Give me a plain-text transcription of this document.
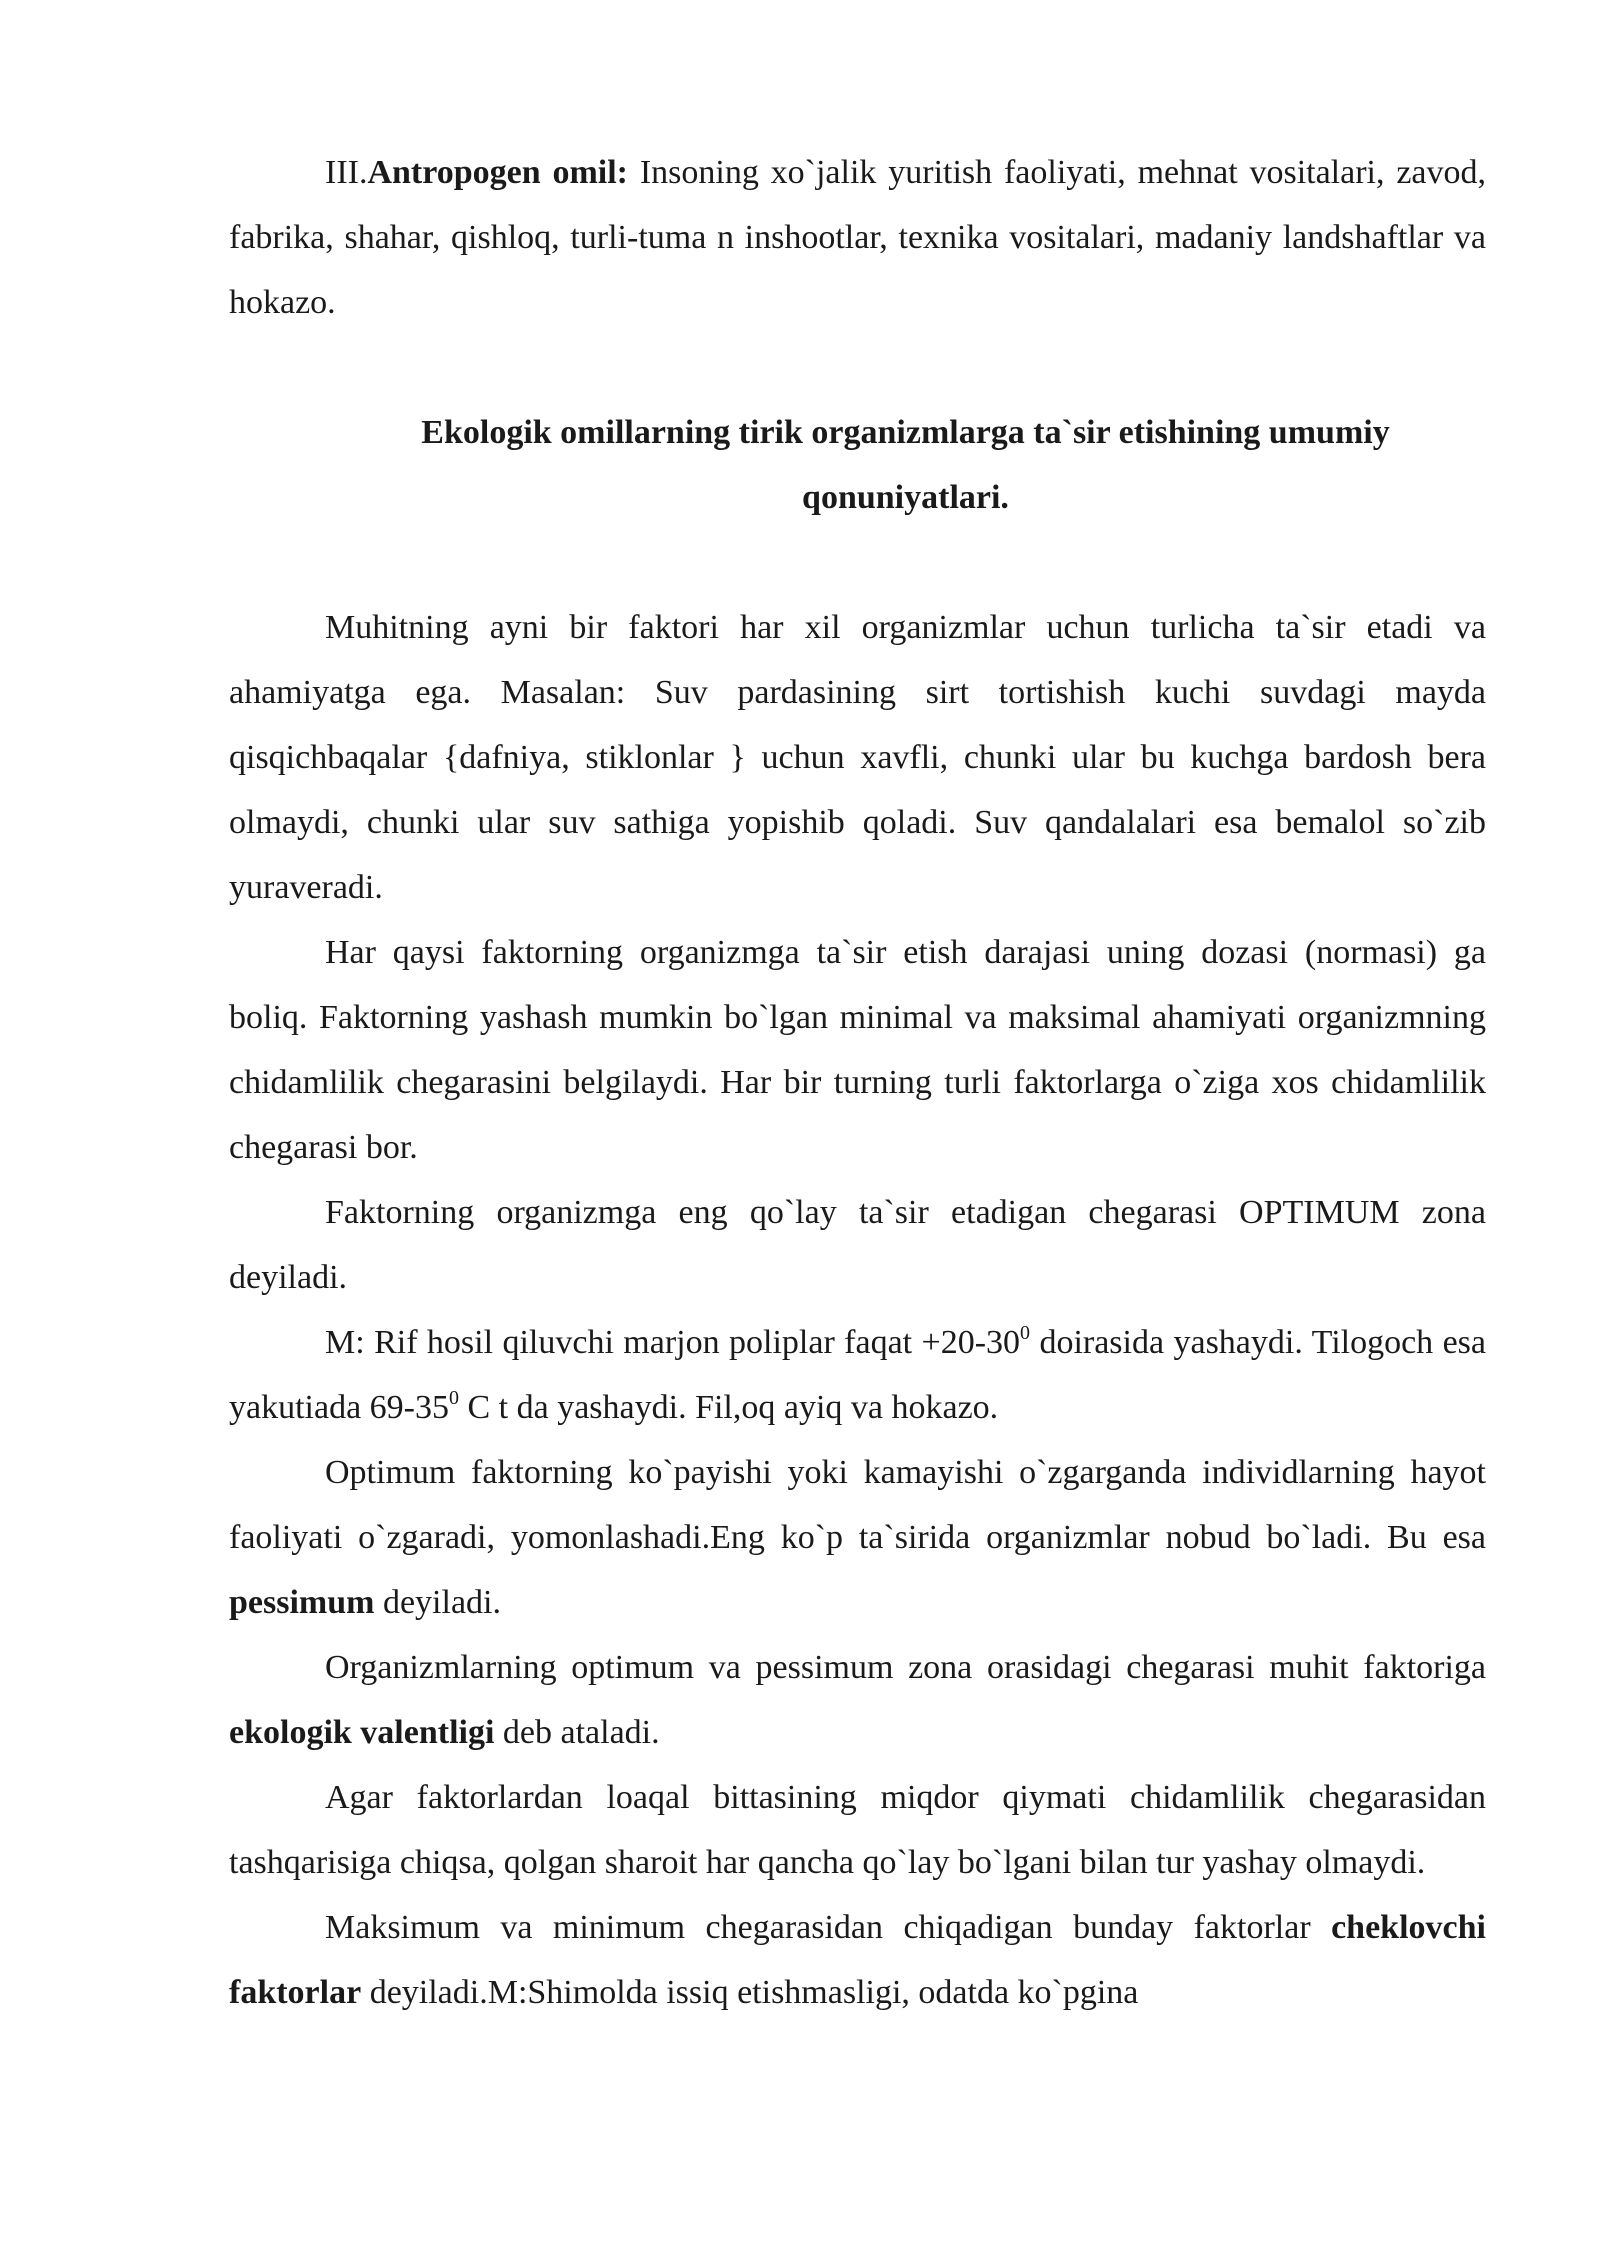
III.Antropogen omil: Insoning xo`jalik yuritish faoliyati, mehnat vositalari, zavod, fabrika, shahar, qishloq, turli-tuma n inshootlar, texnika vositalari, madaniy landshaftlar va hokazo.

Ekologik omillarning tirik organizmlarga ta`sir etishining umumiy
qonuniyatlari.

Muhitning ayni bir faktori har xil organizmlar uchun turlicha ta`sir etadi va ahamiyatga ega. Masalan: Suv pardasining sirt tortishish kuchi suvdagi mayda qisqichbaqalar {dafniya, stiklonlar } uchun xavfli, chunki ular bu kuchga bardosh bera olmaydi, chunki ular suv sathiga yopishib qoladi. Suv qandalalari esa bemalol so`zib yuraveradi.

Har qaysi faktorning organizmga ta`sir etish darajasi uning dozasi (normasi) ga boliq. Faktorning yashash mumkin bo`lgan minimal va maksimal ahamiyati organizmning chidamlilik chegarasini belgilaydi. Har bir turning turli faktorlarga o`ziga xos chidamlilik chegarasi bor.

Faktorning organizmga eng qo`lay ta`sir etadigan chegarasi OPTIMUM zona deyiladi.

M: Rif hosil qiluvchi marjon poliplar faqat $+20-30^0$ doirasida yashaydi. Tilogoch esa yakutiada $69-35^0$ C t da yashaydi. Fil,oq ayiq va hokazo.

Optimum faktorning ko`payishi yoki kamayishi o`zgarganda individlarning hayot faoliyati o`zgaradi, yomonlashadi.Eng ko`p ta`sirida organizmlar nobud bo`ladi. Bu esa pessimum deyiladi.

Organizmlarning optimum va pessimum zona orasidagi chegarasi muhit faktoriga ekologik valentligi deb ataladi.

Agar faktorlardan loaqal bittasining miqdor qiymati chidamlilik chegarasidan tashqarisiga chiqsa, qolgan sharoit har qancha qo`lay bo`lgani bilan tur yashay olmaydi.

Maksimum va minimum chegarasidan chiqadigan bunday faktorlar cheklovchi faktorlar deyiladi.M:Shimolda issiq etishmasligi, odatda ko`pgina
